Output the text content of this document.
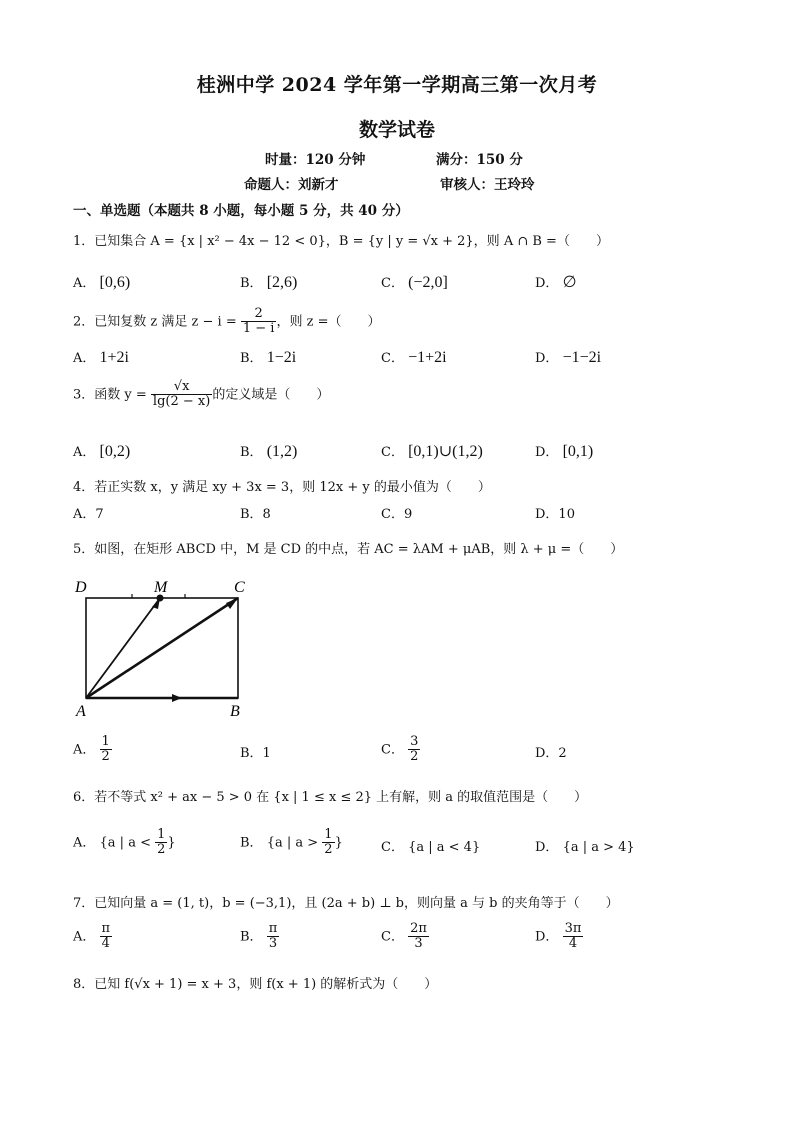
桂洲中学 2024 学年第一学期高三第一次月考
数学试卷
时量：120 分钟	满分：150 分
命题人：刘新才	审核人：王玲玲
一、单选题（本题共 8 小题，每小题 5 分，共 40 分）
1．已知集合 A = {x | x² − 4x − 12 < 0}，B = {y | y = √x + 2}，则 A ∩ B =（　　）
A． [0,6)	B． [2,6)	C． (−2,0]	D． ∅
2．已知复数 z 满足 $z - i = \frac{2}{1 - i}$ ，则 z =（　　）
A． 1+2i	B． 1−2i	C． −1+2i	D． −1−2i
3．函数 $y = \frac{√x}{\lg(2 - x)}$ 的定义域是（　　）
A． [0,2)	B． (1,2)	C． [0,1)∪(1,2)	D． [0,1)
4．若正实数 x，y 满足 xy + 3x = 3，则 12x + y 的最小值为（　　）
A．7	B．8	C．9	D．10
5．如图，在矩形 ABCD 中，M 是 CD 的中点，若 AC = λAM + μAB，则 λ + μ =（　　）
D	M	C
A	B
A． $\frac{1}{2}$	B．1	C． $\frac{3}{2}$	D．2
6．若不等式 x² + ax − 5 > 0 在 {x | 1 ≤ x ≤ 2} 上有解，则 a 的取值范围是（　　）
A． {a | $a < \frac{1}{2}$ }	B． {a | $a > \frac{1}{2}$ }	C． {a | a < 4}	D． {a | a > 4}
7．已知向量 a = (1, t)，b = (−3,1)，且 (2a + b) ⊥ b，则向量 a 与 b 的夹角等于（　　）
A． $\frac{\pi}{4}$	B． $\frac{\pi}{3}$	C． $\frac{2\pi}{3}$	D． $\frac{3\pi}{4}$
8．已知 f(√x + 1) = x + 3，则 f(x + 1) 的解析式为（　　）
